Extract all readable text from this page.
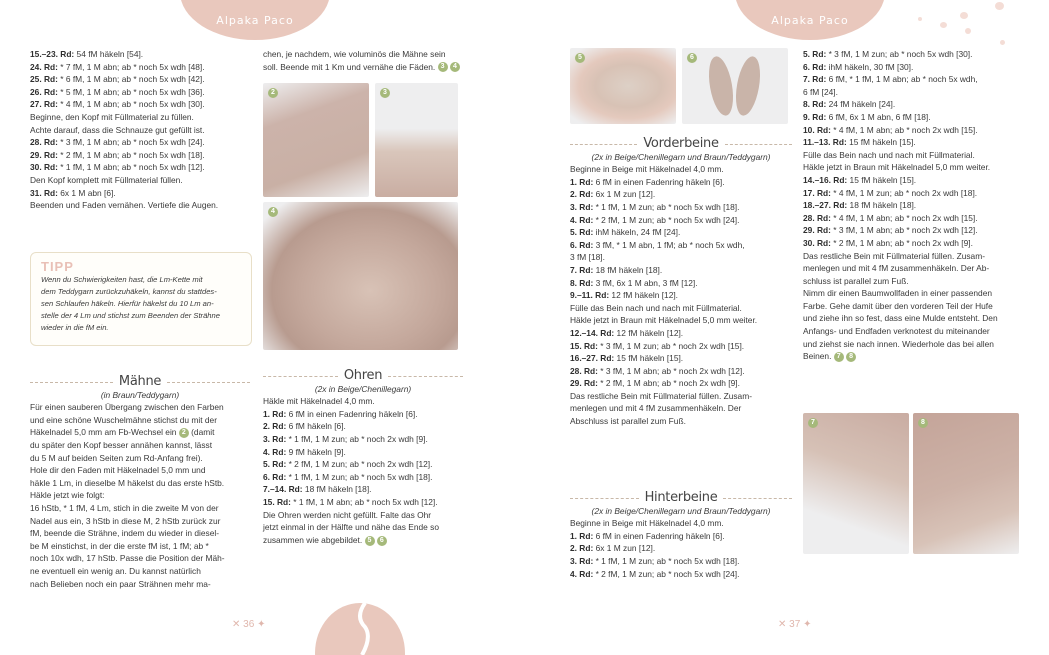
Alpaka Paco	Alpaka Paco
15.–23. Rd: 54 fM häkeln [54].
24. Rd: * 7 fM, 1 M abn; ab * noch 5x wdh [48].
25. Rd: * 6 fM, 1 M abn; ab * noch 5x wdh [42].
26. Rd: * 5 fM, 1 M abn; ab * noch 5x wdh [36].
27. Rd: * 4 fM, 1 M abn; ab * noch 5x wdh [30].
Beginne, den Kopf mit Füllmaterial zu füllen.
Achte darauf, dass die Schnauze gut gefüllt ist.
28. Rd: * 3 fM, 1 M abn; ab * noch 5x wdh [24].
29. Rd: * 2 fM, 1 M abn; ab * noch 5x wdh [18].
30. Rd: * 1 fM, 1 M abn; ab * noch 5x wdh [12].
Den Kopf komplett mit Füllmaterial füllen.
31. Rd: 6x 1 M abn [6].
Beenden und Faden vernähen. Vertiefe die Augen.
TIPP
Wenn du Schwierigkeiten hast, die Lm-Kette mit
dem Teddygarn zurückzuhäkeln, kannst du stattdes-
sen Schlaufen häkeln. Hierfür häkelst du 10 Lm an-
stelle der 4 Lm und stichst zum Beenden der Strähne
wieder in die fM ein.
Mähne
(in Braun/Teddygarn)
Für einen sauberen Übergang zwischen den Farben
und eine schöne Wuschelmähne stichst du mit der
Häkelnadel 5,0 mm am Fb-Wechsel ein 2 (damit
du später den Kopf besser annähen kannst, lässt
du 5 M auf beiden Seiten zum Rd-Anfang frei).
Hole dir den Faden mit Häkelnadel 5,0 mm und
häkle 1 Lm, in dieselbe M häkelst du das erste hStb.
Häkle jetzt wie folgt:
16 hStb, * 1 fM, 4 Lm, stich in die zweite M von der
Nadel aus ein, 3 hStb in diese M, 2 hStb zurück zur
fM, beende die Strähne, indem du wieder in diesel-
be M einstichst, in der die erste fM ist, 1 fM; ab *
noch 10x wdh, 17 hStb. Passe die Position der Mäh-
ne eventuell ein wenig an. Du kannst natürlich
nach Belieben noch ein paar Strähnen mehr ma-
chen, je nachdem, wie voluminös die Mähne sein
soll. Beende mit 1 Km und vernähe die Fäden. 3 4
2	3
4
Ohren
(2x in Beige/Chenillegarn)
Häkle mit Häkelnadel 4,0 mm.
1. Rd: 6 fM in einen Fadenring häkeln [6].
2. Rd: 6 fM häkeln [6].
3. Rd: * 1 fM, 1 M zun; ab * noch 2x wdh [9].
4. Rd: 9 fM häkeln [9].
5. Rd: * 2 fM, 1 M zun; ab * noch 2x wdh [12].
6. Rd: * 1 fM, 1 M zun; ab * noch 5x wdh [18].
7.–14. Rd: 18 fM häkeln [18].
15. Rd: * 1 fM, 1 M abn; ab * noch 5x wdh [12].
Die Ohren werden nicht gefüllt. Falte das Ohr
jetzt einmal in der Hälfte und nähe das Ende so
zusammen wie abgebildet. 5 6
✕ 36 ✦
5	6
Vorderbeine
(2x in Beige/Chenillegarn und Braun/Teddygarn)
Beginne in Beige mit Häkelnadel 4,0 mm.
1. Rd: 6 fM in einen Fadenring häkeln [6].
2. Rd: 6x 1 M zun [12].
3. Rd: * 1 fM, 1 M zun; ab * noch 5x wdh [18].
4. Rd: * 2 fM, 1 M zun; ab * noch 5x wdh [24].
5. Rd: ihM häkeln, 24 fM [24].
6. Rd: 3 fM, * 1 M abn, 1 fM; ab * noch 5x wdh,
3 fM [18].
7. Rd: 18 fM häkeln [18].
8. Rd: 3 fM, 6x 1 M abn, 3 fM [12].
9.–11. Rd: 12 fM häkeln [12].
Fülle das Bein nach und nach mit Füllmaterial.
Häkle jetzt in Braun mit Häkelnadel 5,0 mm weiter.
12.–14. Rd: 12 fM häkeln [12].
15. Rd: * 3 fM, 1 M zun; ab * noch 2x wdh [15].
16.–27. Rd: 15 fM häkeln [15].
28. Rd: * 3 fM, 1 M abn; ab * noch 2x wdh [12].
29. Rd: * 2 fM, 1 M abn; ab * noch 2x wdh [9].
Das restliche Bein mit Füllmaterial füllen. Zusam-
menlegen und mit 4 fM zusammenhäkeln. Der
Abschluss ist parallel zum Fuß.
Hinterbeine
(2x in Beige/Chenillegarn und Braun/Teddygarn)
Beginne in Beige mit Häkelnadel 4,0 mm.
1. Rd: 6 fM in einen Fadenring häkeln [6].
2. Rd: 6x 1 M zun [12].
3. Rd: * 1 fM, 1 M zun; ab * noch 5x wdh [18].
4. Rd: * 2 fM, 1 M zun; ab * noch 5x wdh [24].
5. Rd: * 3 fM, 1 M zun; ab * noch 5x wdh [30].
6. Rd: ihM häkeln, 30 fM [30].
7. Rd: 6 fM, * 1 fM, 1 M abn; ab * noch 5x wdh,
6 fM [24].
8. Rd: 24 fM häkeln [24].
9. Rd: 6 fM, 6x 1 M abn, 6 fM [18].
10. Rd: * 4 fM, 1 M abn; ab * noch 2x wdh [15].
11.–13. Rd: 15 fM häkeln [15].
Fülle das Bein nach und nach mit Füllmaterial.
Häkle jetzt in Braun mit Häkelnadel 5,0 mm weiter.
14.–16. Rd: 15 fM häkeln [15].
17. Rd: * 4 fM, 1 M zun; ab * noch 2x wdh [18].
18.–27. Rd: 18 fM häkeln [18].
28. Rd: * 4 fM, 1 M abn; ab * noch 2x wdh [15].
29. Rd: * 3 fM, 1 M abn; ab * noch 2x wdh [12].
30. Rd: * 2 fM, 1 M abn; ab * noch 2x wdh [9].
Das restliche Bein mit Füllmaterial füllen. Zusam-
menlegen und mit 4 fM zusammenhäkeln. Der Ab-
schluss ist parallel zum Fuß.
Nimm dir einen Baumwollfaden in einer passenden
Farbe. Gehe damit über den vorderen Teil der Hufe
und ziehe ihn so fest, dass eine Mulde entsteht. Den
Anfangs- und Endfaden verknotest du miteinander
und ziehst sie nach innen. Wiederhole das bei allen
Beinen. 7 8
7	8
✕ 37 ✦
